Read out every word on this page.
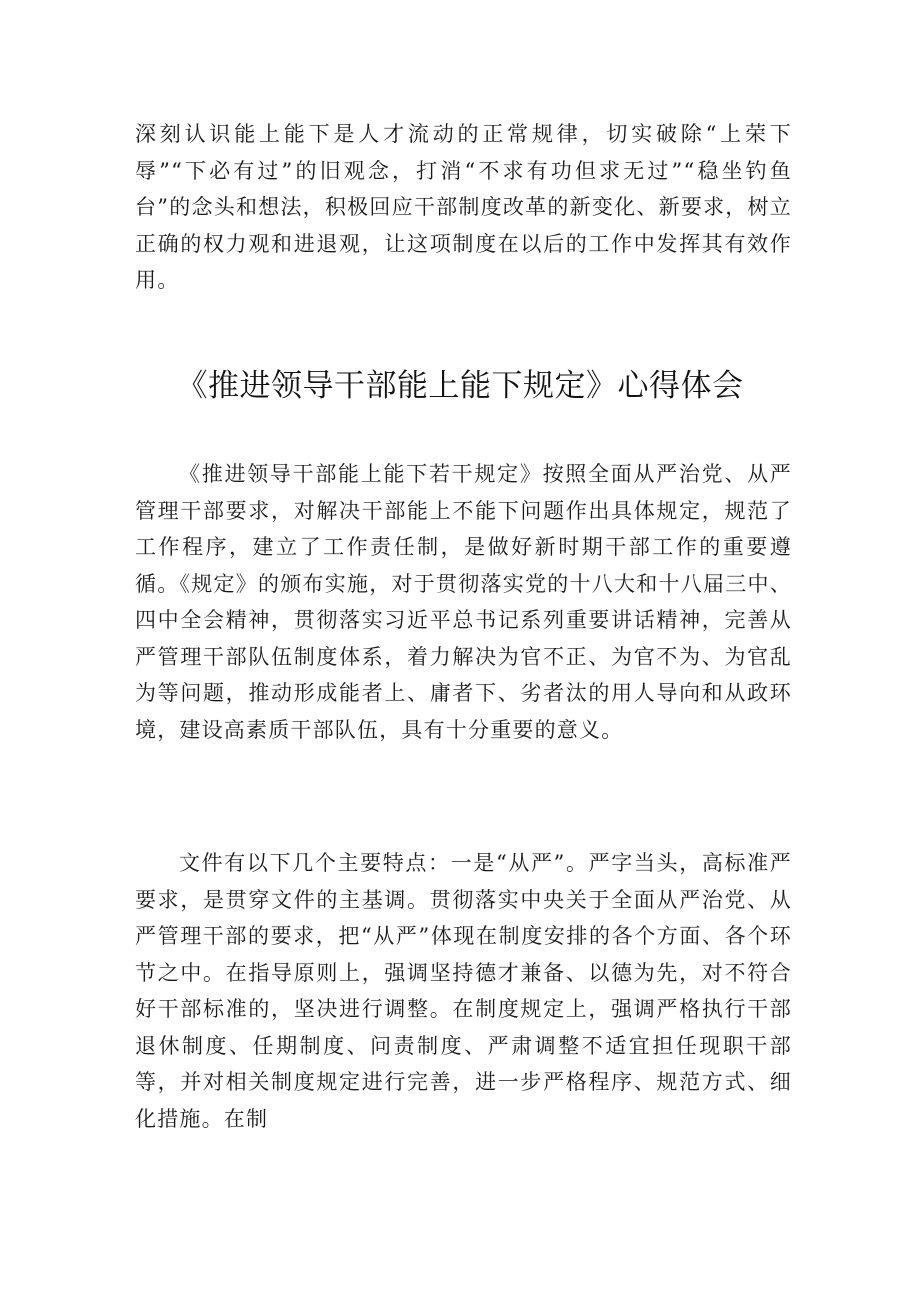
深刻认识能上能下是人才流动的正常规律，切实破除“上荣下辱”“下必有过”的旧观念，打消“不求有功但求无过”“稳坐钓鱼台”的念头和想法，积极回应干部制度改革的新变化、新要求，树立正确的权力观和进退观，让这项制度在以后的工作中发挥其有效作用。

《推进领导干部能上能下规定》心得体会

《推进领导干部能上能下若干规定》按照全面从严治党、从严管理干部要求，对解决干部能上不能下问题作出具体规定，规范了工作程序，建立了工作责任制，是做好新时期干部工作的重要遵循。《规定》的颁布实施，对于贯彻落实党的十八大和十八届三中、四中全会精神，贯彻落实习近平总书记系列重要讲话精神，完善从严管理干部队伍制度体系，着力解决为官不正、为官不为、为官乱为等问题，推动形成能者上、庸者下、劣者汰的用人导向和从政环境，建设高素质干部队伍，具有十分重要的意义。

文件有以下几个主要特点：一是“从严”。严字当头，高标准严要求，是贯穿文件的主基调。贯彻落实中央关于全面从严治党、从严管理干部的要求，把“从严”体现在制度安排的各个方面、各个环节之中。在指导原则上，强调坚持德才兼备、以德为先，对不符合好干部标准的，坚决进行调整。在制度规定上，强调严格执行干部退休制度、任期制度、问责制度、严肃调整不适宜担任现职干部等，并对相关制度规定进行完善，进一步严格程序、规范方式、细化措施。在制
